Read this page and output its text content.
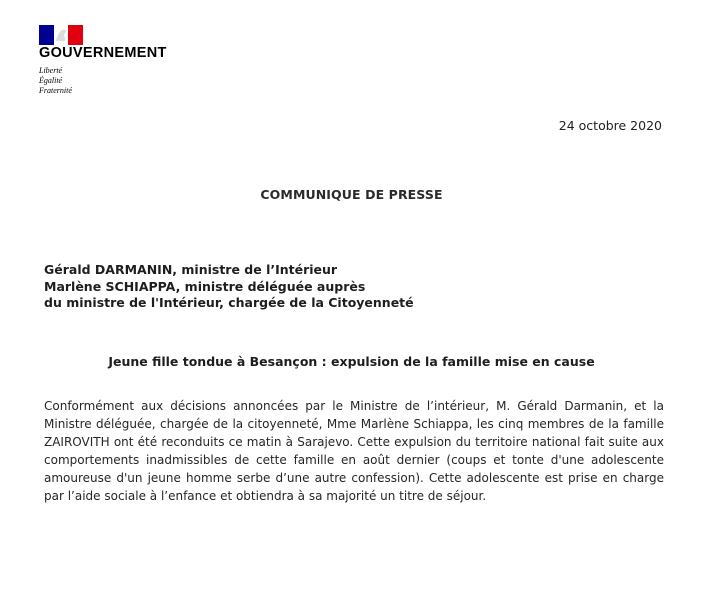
GOUVERNEMENT
Liberté
Égalité
Fraternité
24 octobre 2020
COMMUNIQUE DE PRESSE
Gérald DARMANIN, ministre de l’Intérieur
Marlène SCHIAPPA, ministre déléguée auprès
du ministre de l'Intérieur, chargée de la Citoyenneté
Jeune fille tondue à Besançon : expulsion de la famille mise en cause
Conformément aux décisions annoncées par le Ministre de l’intérieur, M. Gérald Darmanin, et la Ministre déléguée, chargée de la citoyenneté, Mme Marlène Schiappa, les cinq membres de la famille ZAIROVITH ont été reconduits ce matin à Sarajevo. Cette expulsion du territoire national fait suite aux comportements inadmissibles de cette famille en août dernier (coups et tonte d'une adolescente amoureuse d'un jeune homme serbe d’une autre confession). Cette adolescente est prise en charge par l’aide sociale à l’enfance et obtiendra à sa majorité un titre de séjour.
